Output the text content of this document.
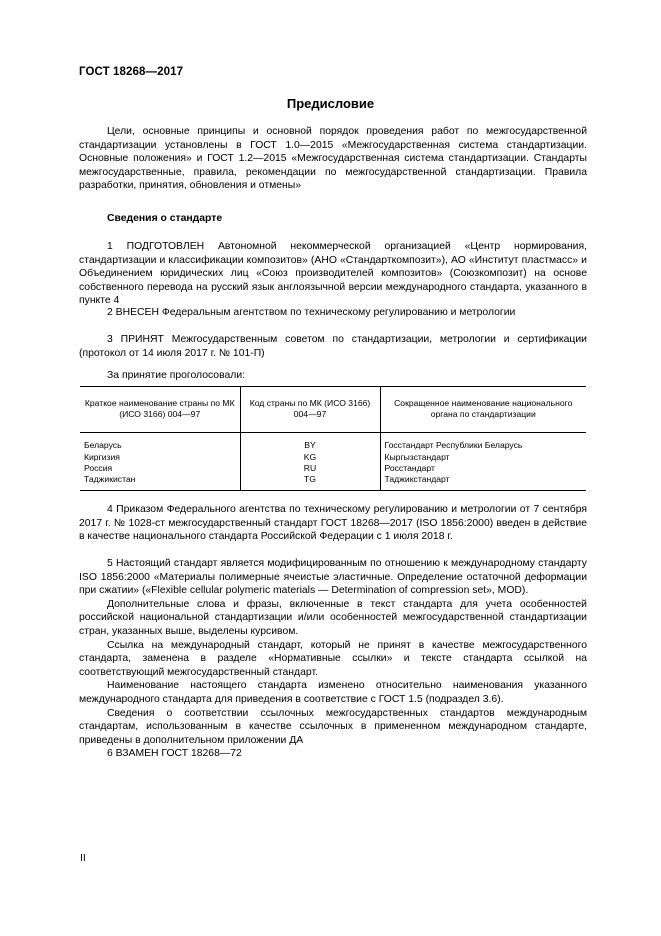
ГОСТ 18268—2017
Предисловие

Цели, основные принципы и основной порядок проведения работ по межгосударственной стандартизации установлены в ГОСТ 1.0—2015 «Межгосударственная система стандартизации. Основные положения» и ГОСТ 1.2—2015 «Межгосударственная система стандартизации. Стандарты межгосударственные, правила, рекомендации по межгосударственной стандартизации. Правила разработки, принятия, обновления и отмены»

Сведения о стандарте

1 ПОДГОТОВЛЕН Автономной некоммерческой организацией «Центр нормирования, стандартизации и классификации композитов» (АНО «Стандарткомпозит»), АО «Институт пластмасс» и Объединением юридических лиц «Союз производителей композитов» (Союзкомпозит) на основе собственного перевода на русский язык англоязычной версии международного стандарта, указанного в пункте 4

2 ВНЕСЕН Федеральным агентством по техническому регулированию и метрологии

3 ПРИНЯТ Межгосударственным советом по стандартизации, метрологии и сертификации (протокол от 14 июля 2017 г. № 101-П)

За принятие проголосовали:
Краткое наименование страны по МК (ИСО 3166) 004—97	Код страны по МК (ИСО 3166) 004—97	Сокращенное наименование национального органа по стандартизации
Беларусь	BY	Госстандарт Республики Беларусь
Киргизия	KG	Кыргызстандарт
Россия	RU	Росстандарт
Таджикистан	TG	Таджикстандарт

4 Приказом Федерального агентства по техническому регулированию и метрологии от 7 сентября 2017 г. № 1028-ст межгосударственный стандарт ГОСТ 18268—2017 (ISO 1856:2000) введен в действие в качестве национального стандарта Российской Федерации с 1 июля 2018 г.

5 Настоящий стандарт является модифицированным по отношению к международному стандарту ISO 1856:2000 «Материалы полимерные ячеистые эластичные. Определение остаточной деформации при сжатии» («Flexible cellular polymeric materials — Determination of compression set», MOD).

Дополнительные слова и фразы, включенные в текст стандарта для учета особенностей российской национальной стандартизации и/или особенностей межгосударственной стандартизации стран, указанных выше, выделены курсивом.

Ссылка на международный стандарт, который не принят в качестве межгосударственного стандарта, заменена в разделе «Нормативные ссылки» и тексте стандарта ссылкой на соответствующий межгосударственный стандарт.

Наименование настоящего стандарта изменено относительно наименования указанного международного стандарта для приведения в соответствие с ГОСТ 1.5 (подраздел 3.6).

Сведения о соответствии ссылочных межгосударственных стандартов международным стандартам, использованным в качестве ссылочных в примененном международном стандарте, приведены в дополнительном приложении ДА

6 ВЗАМЕН ГОСТ 18268—72

II
